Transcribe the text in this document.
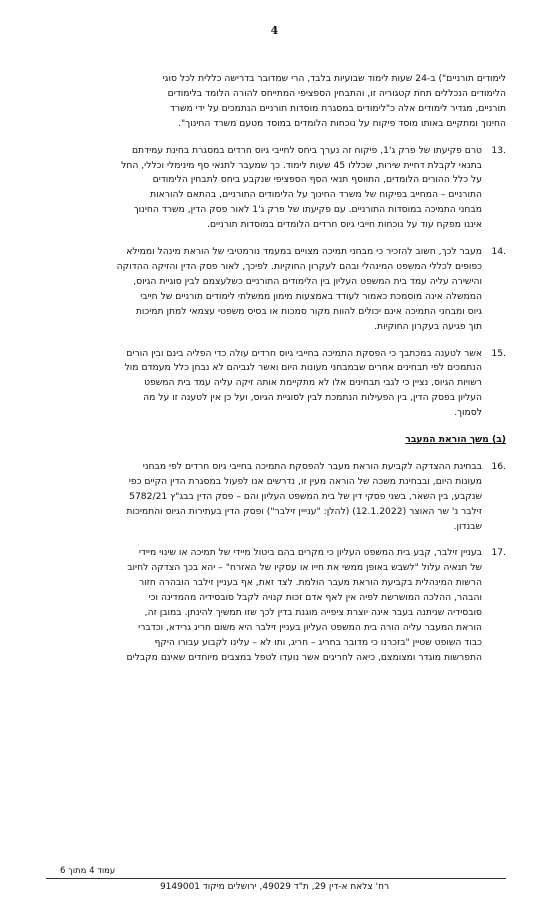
4
לימודים תורניים") ב-24 שעות לימוד שבועיות בלבד, הרי שמדובר בדרישה כללית לכל סוגי
הלימודים הנכללים תחת קטגוריה זו, והתבחין הספציפי המתייחס להורה הלומד בלימודים
תורניים, מגדיר לימודים אלה כ"לימודים במסגרת מוסדות תורניים הנתמכים על ידי משרד
החינוך ומתקיים באותו מוסד פיקוח על נוכחות הלומדים במוסד מטעם משרד החינוך".
.13
טרם פקיעתו של פרק ג'1, פיקוח זה נערך ביחס לחייבי גיוס חרדים במסגרת בחינת עמידתם
בתנאי לקבלת דחיית שירות, שכללו 45 שעות לימוד. כך שמעבר לתנאי סף מינימלי וכללי, החל
על כלל ההורים הלומדים, התווסף תנאי הסף הספציפי שנקבע ביחס לתבחין הלימודים
התורניים – המחייב בפיקוח של משרד החינוך על הלימודים התורניים, בהתאם להוראות
מבחני התמיכה במוסדות התורניים. עם פקיעתו של פרק ג'1 לאור פסק הדין, משרד החינוך
איננו מפקח עוד על נוכחות חייבי גיוס חרדים הלומדים במוסדות תורניים.
.14
מעבר לכך, חשוב להזכיר כי מבחני תמיכה מצויים במעמד נורמטיבי של הוראת מינהל וממילא
כפופים לכללי המשפט המינהלי ובהם לעקרון החוקיות. לפיכך, לאור פסק הדין והזיקה ההדוקה
והישירה עליה עמד בית המשפט העליון בין הלימודים התורניים כשלעצמם לבין סוגיית הגיוס,
הממשלה אינה מוסמכת כאמור לעודד באמצעות מימון ממשלתי לימודים תורניים של חייבי
גיוס ומבחני התמיכה אינם יכולים להוות מקור סמכות או בסיס משפטי עצמאי למתן תמיכות
תוך פגיעה בעקרון החוקיות.
.15
אשר לטענה במכתבך כי הפסקת התמיכה בחייבי גיוס חרדים עולה כדי הפליה בינם ובין הורים
הנתמכים לפי תבחינים אחרים שבמבחני מעונות היום ואשר לגביהם לא נבחן כלל מעמדם מול
רשויות הגיוס, נציין כי לגבי תבחינים אלו לא מתקיימת אותה זיקה עליה עמד בית המשפט
העליון בפסק הדין, בין הפעילות הנתמכת לבין לסוגיית הגיוס, ועל כן אין לטענה זו על מה
לסמוך.
(ב) משך הוראת המעבר
.16
בבחינת ההצדקה לקביעת הוראת מעבר להפסקת התמיכה בחייבי גיוס חרדים לפי מבחני
מעונות היום, ובבחינת משכה של הוראה מעין זו, נדרשים אנו לפעול במסגרת הדין הקיים כפי
שנקבע, בין השאר, בשני פסקי דין של בית המשפט העליון והם – פסק הדין בבג"ץ 5782/21
זילבר נ' שר האוצר (12.1.2022) (להלן: "ענייין זילבר") ופסק הדין בעתירות הגיוס והתמיכות
שבנדון.
.17
בעניין זילבר, קבע בית המשפט העליון כי מקרים בהם ביטול מיידי של תמיכה או שינוי מיידי
של תנאיה עלול "לשבש באופן ממשי את חייו או עסקיו של האזרח" – יהא בכך הצדקה לחיוב
הרשות המינהלית בקביעת הוראת מעבר הולמת. לצד זאת, אף בעניין זילבר הובהרה חזור
והבהר, ההלכה המושרשת לפיה אין לאף אדם זכות קנויה לקבל סובסידיה מהמדינה וכי
סובסידיה שניתנה בעבר אינה יוצרת ציפייה מוגנת בדין לכך שזו תמשיך להינתן. במובן זה,
הוראת המעבר עליה הורה בית המשפט העליון בעניין זילבר היא משום חריג גרידא, וכדברי
כבוד השופט שטיין "בזכרנו כי מדובר בחריג – חריג, ותו לא – עלינו לקבוע עבורו היקף
התפרשות מוגדר ומצומצם, כיאה לחריגים אשר נועדו לטפל במצבים מיוחדים שאינם מקבלים
עמוד 4 מתוך 6
רח' צלאח א-דין 29, ת"ד 49029, ירושלים מיקוד 9149001
